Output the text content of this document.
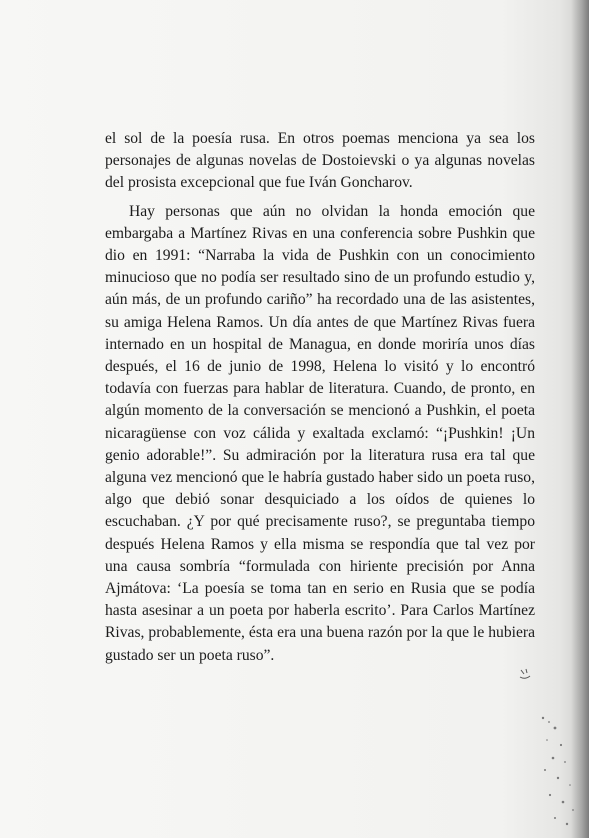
el sol de la poesía rusa. En otros poemas menciona ya sea los personajes de algunas novelas de Dostoievski o ya algunas novelas del prosista excepcional que fue Iván Goncharov.

Hay personas que aún no olvidan la honda emoción que embargaba a Martínez Rivas en una conferencia sobre Pushkin que dio en 1991: “Narraba la vida de Pushkin con un conocimiento minucioso que no podía ser resultado sino de un profundo estudio y, aún más, de un profundo cariño” ha recordado una de las asistentes, su amiga Helena Ramos. Un día antes de que Martínez Rivas fuera internado en un hospital de Managua, en donde moriría unos días después, el 16 de junio de 1998, Helena lo visitó y lo encontró todavía con fuerzas para hablar de literatura. Cuando, de pronto, en algún momento de la conversación se mencionó a Pushkin, el poeta nicaragüense con voz cálida y exaltada exclamó: “¡Pushkin! ¡Un genio adorable!”. Su admiración por la literatura rusa era tal que alguna vez mencionó que le habría gustado haber sido un poeta ruso, algo que debió sonar desquiciado a los oídos de quienes lo escuchaban. ¿Y por qué precisamente ruso?, se preguntaba tiempo después Helena Ramos y ella misma se respondía que tal vez por una causa sombría “formulada con hiriente precisión por Anna Ajmátova: ‘La poesía se toma tan en serio en Rusia que se podía hasta asesinar a un poeta por haberla escrito’. Para Carlos Martínez Rivas, probablemente, ésta era una buena razón por la que le hubiera gustado ser un poeta ruso”.
